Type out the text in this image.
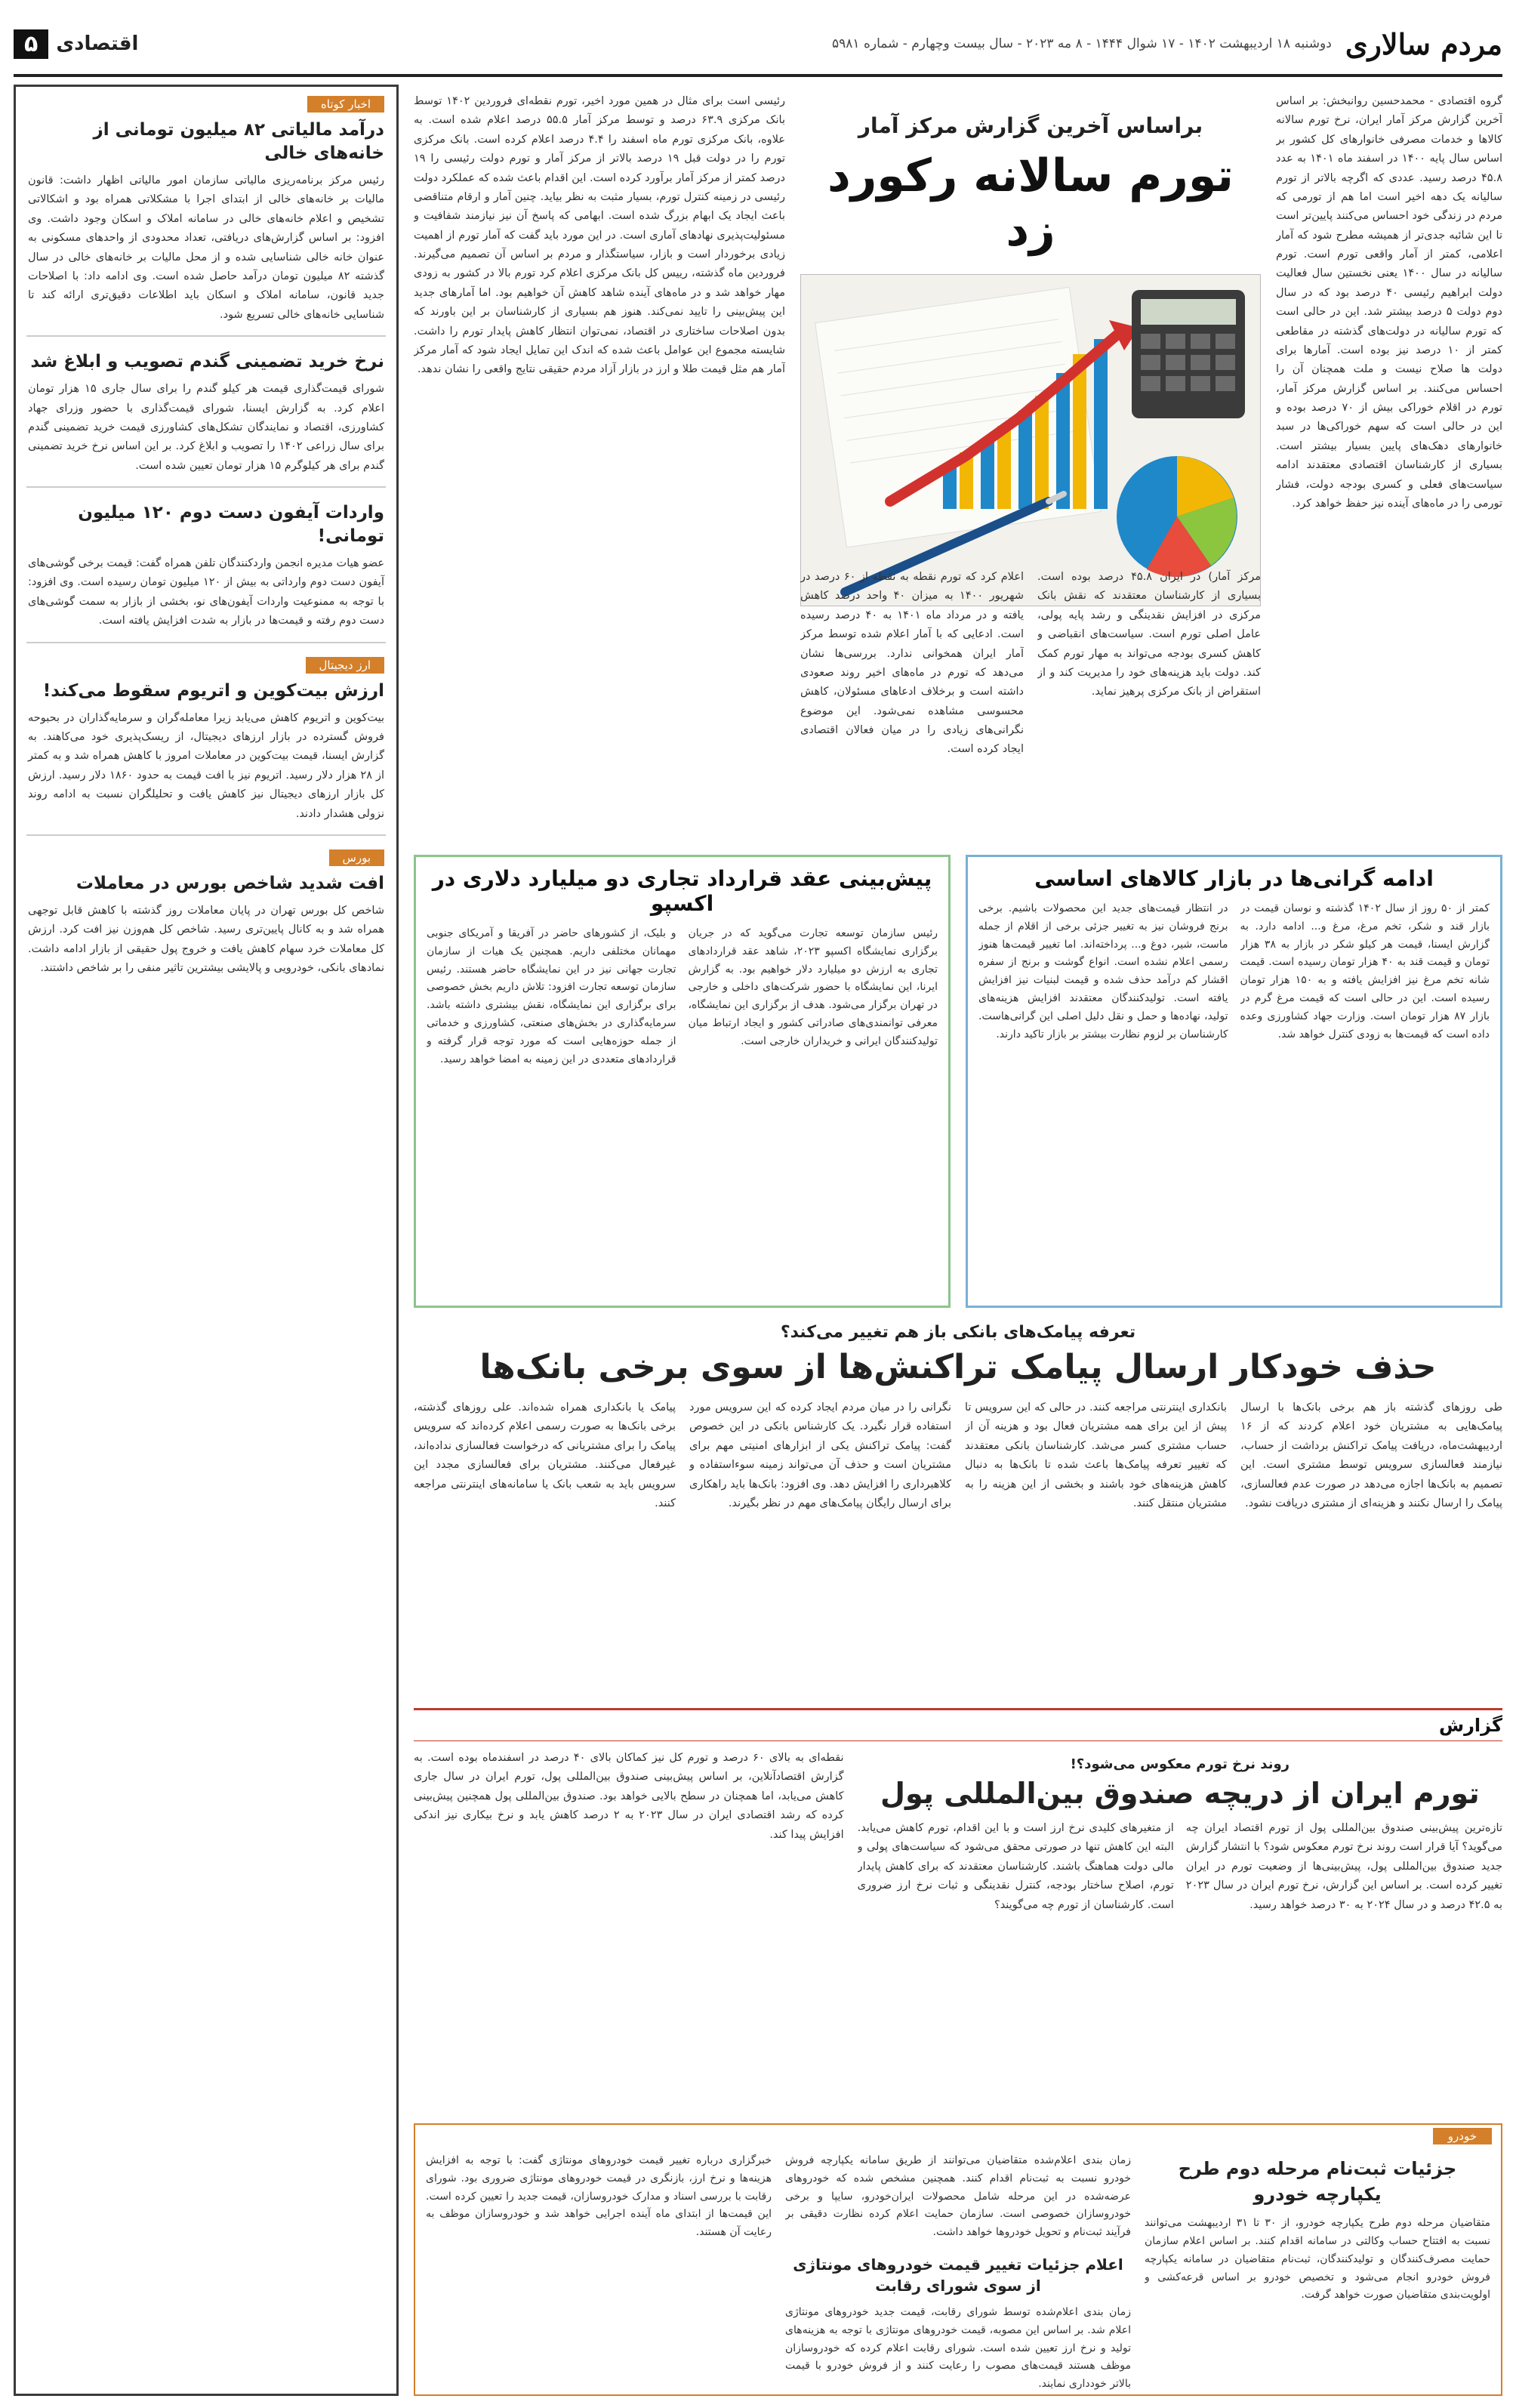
مردم سالاری
دوشنبه ۱۸ اردیبهشت ۱۴۰۲ - ۱۷ شوال ۱۴۴۴ - ۸ مه ۲۰۲۳ - سال بیست وچهارم - شماره ۵۹۸۱
اقتصادی
۵
اخبار کوتاه
درآمد مالیاتی ۸۲ میلیون تومانی از خانه‌های خالی

رئیس مرکز برنامه‌ریزی مالیاتی سازمان امور مالیاتی اظهار داشت: قانون مالیات بر خانه‌های خالی از ابتدای اجرا با مشکلاتی همراه بود و اشکالاتی تشخیص و اعلام خانه‌های خالی در سامانه املاک و اسکان وجود داشت. وی افزود: بر اساس گزارش‌های دریافتی، تعداد محدودی از واحدهای مسکونی به عنوان خانه خالی شناسایی شده و از محل مالیات بر خانه‌های خالی در سال گذشته ۸۲ میلیون تومان درآمد حاصل شده است. وی ادامه داد: با اصلاحات جدید قانون، سامانه املاک و اسکان باید اطلاعات دقیق‌تری ارائه کند تا شناسایی خانه‌های خالی تسریع شود.

نرخ خرید تضمینی گندم تصویب و ابلاغ شد

شورای قیمت‌گذاری قیمت هر کیلو گندم را برای سال جاری ۱۵ هزار تومان اعلام کرد. به گزارش ایسنا، شورای قیمت‌گذاری با حضور وزرای جهاد کشاورزی، اقتصاد و نمایندگان تشکل‌های کشاورزی قیمت خرید تضمینی گندم برای سال زراعی ۱۴۰۲ را تصویب و ابلاغ کرد. بر این اساس نرخ خرید تضمینی گندم برای هر کیلوگرم ۱۵ هزار تومان تعیین شده است.

واردات آیفون دست دوم ۱۲۰ میلیون تومانی!

عضو هیات مدیره انجمن واردکنندگان تلفن همراه گفت: قیمت برخی گوشی‌های آیفون دست دوم وارداتی به بیش از ۱۲۰ میلیون تومان رسیده است. وی افزود: با توجه به ممنوعیت واردات آیفون‌های نو، بخشی از بازار به سمت گوشی‌های دست دوم رفته و قیمت‌ها در بازار به شدت افزایش یافته است.

ارز دیجیتال
ارزش بیت‌کوین و اتریوم سقوط می‌کند!

بیت‌کوین و اتریوم کاهش می‌یابد زیرا معامله‌گران و سرمایه‌گذاران در بحبوحه فروش گسترده در بازار ارزهای دیجیتال، از ریسک‌پذیری خود می‌کاهند. به گزارش ایسنا، قیمت بیت‌کوین در معاملات امروز با کاهش همراه شد و به کمتر از ۲۸ هزار دلار رسید. اتریوم نیز با افت قیمت به حدود ۱۸۶۰ دلار رسید. ارزش کل بازار ارزهای دیجیتال نیز کاهش یافت و تحلیلگران نسبت به ادامه روند نزولی هشدار دادند.

بورس
افت شدید شاخص بورس در معاملات

شاخص کل بورس تهران در پایان معاملات روز گذشته با کاهش قابل توجهی همراه شد و به کانال پایین‌تری رسید. شاخص کل هم‌وزن نیز افت کرد. ارزش کل معاملات خرد سهام کاهش یافت و خروج پول حقیقی از بازار ادامه داشت. نمادهای بانکی، خودرویی و پالایشی بیشترین تاثیر منفی را بر شاخص داشتند.

گروه اقتصادی - محمدحسین روانبخش: بر اساس آخرین گزارش مرکز آمار ایران، نرخ تورم سالانه کالاها و خدمات مصرفی خانوارهای کل کشور بر اساس سال پایه ۱۴۰۰ در اسفند ماه ۱۴۰۱ به عدد ۴۵.۸ درصد رسید. عددی که اگرچه بالاتر از تورم سالیانه یک دهه اخیر است اما هم از تورمی که مردم در زندگی خود احساس می‌کنند پایین‌تر است تا این شائبه جدی‌تر از همیشه مطرح شود که آمار اعلامی، کمتر از آمار واقعی تورم است. تورم سالیانه در سال ۱۴۰۰ یعنی نخستین سال فعالیت دولت ابراهیم رئیسی ۴۰ درصد بود که در سال دوم دولت ۵ درصد بیشتر شد. این در حالی است که تورم سالیانه در دولت‌های گذشته در مقاطعی کمتر از ۱۰ درصد نیز بوده است. آمارها برای دولت ها صلاح نیست و ملت همچنان آن را احساس می‌کنند. بر اساس گزارش مرکز آمار، تورم در اقلام خوراکی بیش از ۷۰ درصد بوده و این در حالی است که سهم خوراکی‌ها در سبد خانوارهای دهک‌های پایین بسیار بیشتر است. بسیاری از کارشناسان اقتصادی معتقدند ادامه سیاست‌های فعلی و کسری بودجه دولت، فشار تورمی را در ماه‌های آینده نیز حفظ خواهد کرد.
براساس آخرین گزارش مرکز آمار
تورم سالانه رکورد زد
مرکز آمار) در ایران ۴۵.۸ درصد بوده است. بسیاری از کارشناسان معتقدند که نقش بانک مرکزی در افزایش نقدینگی و رشد پایه پولی، عامل اصلی تورم است. سیاست‌های انقباضی و کاهش کسری بودجه می‌تواند به مهار تورم کمک کند. دولت باید هزینه‌های خود را مدیریت کند و از استقراض از بانک مرکزی پرهیز نماید.
اعلام کرد که تورم نقطه به نقطه از ۶۰ درصد در شهریور ۱۴۰۰ به میزان ۴۰ واحد درصد کاهش یافته و در مرداد ماه ۱۴۰۱ به ۴۰ درصد رسیده است. ادعایی که با آمار اعلام شده توسط مرکز آمار ایران همخوانی ندارد. بررسی‌ها نشان می‌دهد که تورم در ماه‌های اخیر روند صعودی داشته است و برخلاف ادعاهای مسئولان، کاهش محسوسی مشاهده نمی‌شود. این موضوع نگرانی‌های زیادی را در میان فعالان اقتصادی ایجاد کرده است.
رئیسی است برای مثال در همین مورد اخیر، تورم نقطه‌ای فروردین ۱۴۰۲ توسط بانک مرکزی ۶۳.۹ درصد و توسط مرکز آمار ۵۵.۵ درصد اعلام شده است. به علاوه، بانک مرکزی تورم ماه اسفند را ۴.۴ درصد اعلام کرده است. بانک مرکزی تورم را در دولت قبل ۱۹ درصد بالاتر از مرکز آمار و تورم دولت رئیسی را ۱۹ درصد کمتر از مرکز آمار برآورد کرده است. این اقدام باعث شده که عملکرد دولت رئیسی در زمینه کنترل تورم، بسیار مثبت به نظر بیاید. چنین آمار و ارقام متناقضی باعث ایجاد یک ابهام بزرگ شده است. ابهامی که پاسخ آن نیز نیازمند شفافیت و مسئولیت‌پذیری نهادهای آماری است. در این مورد باید گفت که آمار تورم از اهمیت زیادی برخوردار است و بازار، سیاستگذار و مردم بر اساس آن تصمیم می‌گیرند. فروردین ماه گذشته، رییس کل بانک مرکزی اعلام کرد تورم بالا در کشور به زودی مهار خواهد شد و در ماه‌های آینده شاهد کاهش آن خواهیم بود. اما آمارهای جدید این پیش‌بینی را تایید نمی‌کند. هنوز هم بسیاری از کارشناسان بر این باورند که بدون اصلاحات ساختاری در اقتصاد، نمی‌توان انتظار کاهش پایدار تورم را داشت. شایسته مجموع این عوامل باعث شده که اندک این تمایل ایجاد شود که آمار مرکز آمار هم مثل قیمت طلا و ارز در بازار آزاد مردم حقیقی نتایج واقعی را نشان ندهد.
ادامه گرانی‌ها در بازار کالاهای اساسی
کمتر از ۵۰ روز از سال ۱۴۰۲ گذشته و نوسان قیمت در بازار قند و شکر، تخم مرغ، مرغ و... ادامه دارد. به گزارش ایسنا، قیمت هر کیلو شکر در بازار به ۳۸ هزار تومان و قیمت قند به ۴۰ هزار تومان رسیده است. قیمت شانه تخم مرغ نیز افزایش یافته و به ۱۵۰ هزار تومان رسیده است. این در حالی است که قیمت مرغ گرم در بازار ۸۷ هزار تومان است. وزارت جهاد کشاورزی وعده داده است که قیمت‌ها به زودی کنترل خواهد شد.
در انتظار قیمت‌های جدید این محصولات باشیم. برخی برنج فروشان نیز به تغییر جزئی برخی از اقلام از جمله ماست، شیر، دوغ و... پرداخته‌اند. اما تغییر قیمت‌ها هنوز رسمی اعلام نشده است. انواع گوشت و برنج از سفره اقشار کم درآمد حذف شده و قیمت لبنیات نیز افزایش یافته است. تولیدکنندگان معتقدند افزایش هزینه‌های تولید، نهاده‌ها و حمل و نقل دلیل اصلی این گرانی‌هاست. کارشناسان بر لزوم نظارت بیشتر بر بازار تاکید دارند.
پیش‌بینی عقد قرارداد تجاری دو میلیارد دلاری در اکسپو
رئیس سازمان توسعه تجارت می‌گوید که در جریان برگزاری نمایشگاه اکسپو ۲۰۲۳، شاهد عقد قراردادهای تجاری به ارزش دو میلیارد دلار خواهیم بود. به گزارش ایرنا، این نمایشگاه با حضور شرکت‌های داخلی و خارجی در تهران برگزار می‌شود. هدف از برگزاری این نمایشگاه، معرفی توانمندی‌های صادراتی کشور و ایجاد ارتباط میان تولیدکنندگان ایرانی و خریداران خارجی است.
و بلیک، از کشورهای حاضر در آفریقا و آمریکای جنوبی مهمانان مختلفی داریم. همچنین یک هیات از سازمان تجارت جهانی نیز در این نمایشگاه حاضر هستند. رئیس سازمان توسعه تجارت افزود: تلاش داریم بخش خصوصی برای برگزاری این نمایشگاه، نقش بیشتری داشته باشد. سرمایه‌گذاری در بخش‌های صنعتی، کشاورزی و خدماتی از جمله حوزه‌هایی است که مورد توجه قرار گرفته و قراردادهای متعددی در این زمینه به امضا خواهد رسید.
تعرفه پیامک‌های بانکی باز هم تغییر می‌کند؟
حذف خودکار ارسال پیامک تراکنش‌ها از سوی برخی بانک‌ها
طی روزهای گذشته باز هم برخی بانک‌ها با ارسال پیامک‌هایی به مشتریان خود اعلام کردند که از ۱۶ اردیبهشت‌ماه، دریافت پیامک تراکنش برداشت از حساب، نیازمند فعالسازی سرویس توسط مشتری است. این تصمیم به بانک‌ها اجازه می‌دهد در صورت عدم فعالسازی، پیامک را ارسال نکنند و هزینه‌ای از مشتری دریافت نشود.
بانکداری اینترنتی مراجعه کنند. در حالی که این سرویس تا پیش از این برای همه مشتریان فعال بود و هزینه آن از حساب مشتری کسر می‌شد. کارشناسان بانکی معتقدند که تغییر تعرفه پیامک‌ها باعث شده تا بانک‌ها به دنبال کاهش هزینه‌های خود باشند و بخشی از این هزینه را به مشتریان منتقل کنند.
نگرانی را در میان مردم ایجاد کرده که این سرویس مورد استفاده قرار نگیرد. یک کارشناس بانکی در این خصوص گفت: پیامک تراکنش یکی از ابزارهای امنیتی مهم برای مشتریان است و حذف آن می‌تواند زمینه سوءاستفاده و کلاهبرداری را افزایش دهد. وی افزود: بانک‌ها باید راهکاری برای ارسال رایگان پیامک‌های مهم در نظر بگیرند.
پیامک یا بانکداری همراه شده‌اند. علی روزهای گذشته، برخی بانک‌ها به صورت رسمی اعلام کرده‌اند که سرویس پیامک را برای مشتریانی که درخواست فعالسازی نداده‌اند، غیرفعال می‌کنند. مشتریان برای فعالسازی مجدد این سرویس باید به شعب بانک یا سامانه‌های اینترنتی مراجعه کنند.
گزارش
روند نرخ تورم معکوس می‌شود؟!
تورم ایران از دریچه صندوق بین‌المللی پول
تازه‌ترین پیش‌بینی صندوق بین‌المللی پول از تورم اقتصاد ایران چه می‌گوید؟ آیا قرار است روند نرخ تورم معکوس شود؟ با انتشار گزارش جدید صندوق بین‌المللی پول، پیش‌بینی‌ها از وضعیت تورم در ایران تغییر کرده است. بر اساس این گزارش، نرخ تورم ایران در سال ۲۰۲۳ به ۴۲.۵ درصد و در سال ۲۰۲۴ به ۳۰ درصد خواهد رسید.
از متغیرهای کلیدی نرخ ارز است و با این اقدام، تورم کاهش می‌یابد. البته این کاهش تنها در صورتی محقق می‌شود که سیاست‌های پولی و مالی دولت هماهنگ باشند. کارشناسان معتقدند که برای کاهش پایدار تورم، اصلاح ساختار بودجه، کنترل نقدینگی و ثبات نرخ ارز ضروری است. کارشناسان از تورم چه می‌گویند؟
نقطه‌ای به بالای ۶۰ درصد و تورم کل نیز کماکان بالای ۴۰ درصد در اسفندماه بوده است. به گزارش اقتصادآنلاین، بر اساس پیش‌بینی صندوق بین‌المللی پول، تورم ایران در سال جاری کاهش می‌یابد، اما همچنان در سطح بالایی خواهد بود. صندوق بین‌المللی پول همچنین پیش‌بینی کرده که رشد اقتصادی ایران در سال ۲۰۲۳ به ۲ درصد کاهش یابد و نرخ بیکاری نیز اندکی افزایش پیدا کند.
خودرو
جزئیات ثبت‌نام مرحله دوم طرح یکپارچه خودرو

متقاضیان مرحله دوم طرح یکپارچه خودرو، از ۳۰ تا ۳۱ اردیبهشت می‌توانند نسبت به افتتاح حساب وکالتی در سامانه اقدام کنند. بر اساس اعلام سازمان حمایت مصرف‌کنندگان و تولیدکنندگان، ثبت‌نام متقاضیان در سامانه یکپارچه فروش خودرو انجام می‌شود و تخصیص خودرو بر اساس قرعه‌کشی و اولویت‌بندی متقاضیان صورت خواهد گرفت.

زمان بندی اعلام‌شده متقاضیان می‌توانند از طریق سامانه یکپارچه فروش خودرو نسبت به ثبت‌نام اقدام کنند. همچنین مشخص شده که خودروهای عرضه‌شده در این مرحله شامل محصولات ایران‌خودرو، سایپا و برخی خودروسازان خصوصی است. سازمان حمایت اعلام کرده نظارت دقیقی بر فرآیند ثبت‌نام و تحویل خودروها خواهد داشت.

اعلام جزئیات تغییر قیمت خودروهای مونتاژی از سوی شورای رقابت

زمان بندی اعلام‌شده توسط شورای رقابت، قیمت جدید خودروهای مونتاژی اعلام شد. بر اساس این مصوبه، قیمت خودروهای مونتاژی با توجه به هزینه‌های تولید و نرخ ارز تعیین شده است. شورای رقابت اعلام کرده که خودروسازان موظف هستند قیمت‌های مصوب را رعایت کنند و از فروش خودرو با قیمت بالاتر خودداری نمایند.

خبرگزاری درباره تغییر قیمت خودروهای مونتاژی گفت: با توجه به افزایش هزینه‌ها و نرخ ارز، بازنگری در قیمت خودروهای مونتاژی ضروری بود. شورای رقابت با بررسی اسناد و مدارک خودروسازان، قیمت جدید را تعیین کرده است. این قیمت‌ها از ابتدای ماه آینده اجرایی خواهد شد و خودروسازان موظف به رعایت آن هستند.
